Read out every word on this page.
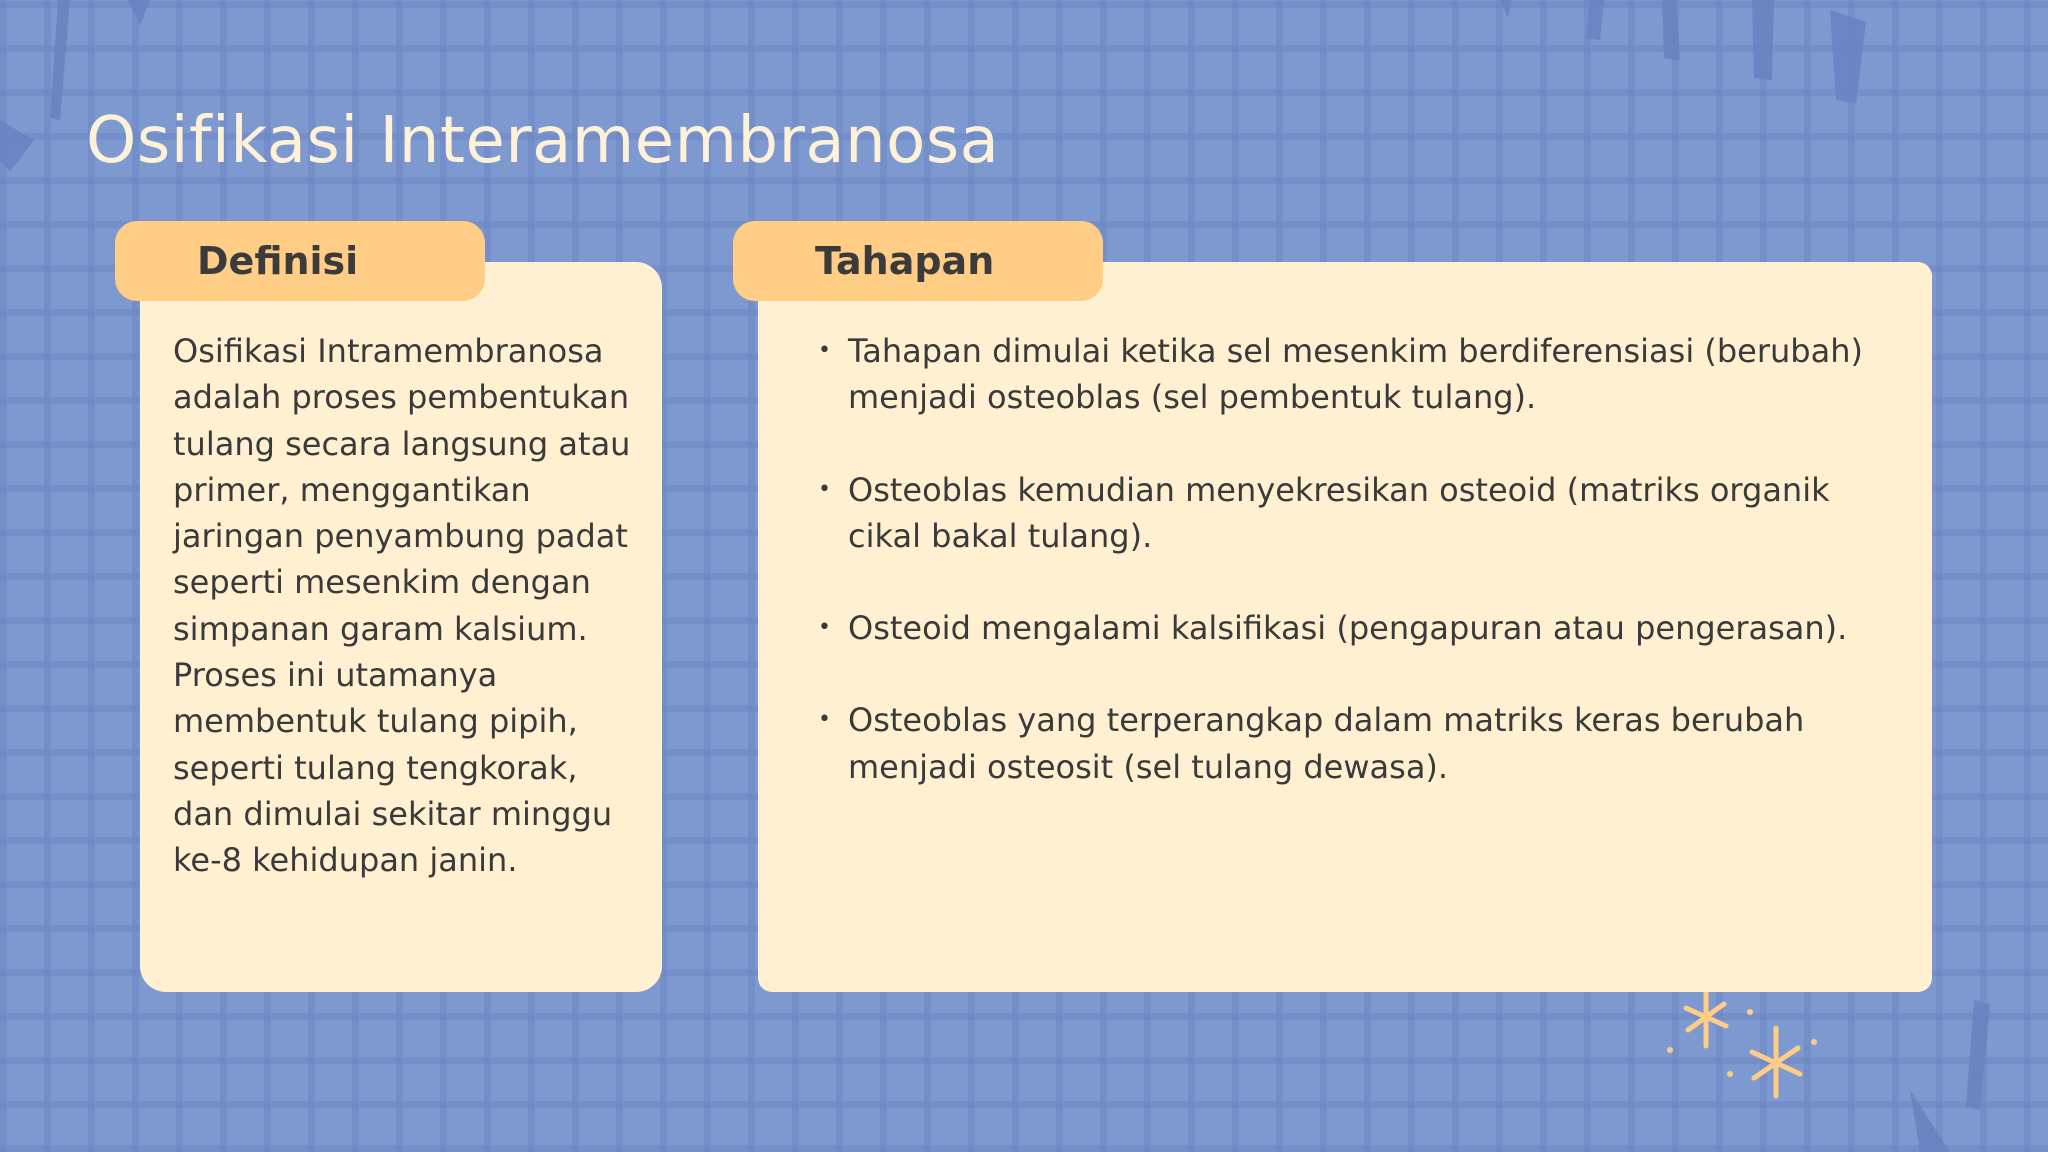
Osifikasi Interamembranosa
Definisi

Osifikasi Intramembranosa adalah proses pembentukan tulang secara langsung atau primer, menggantikan jaringan penyambung padat seperti mesenkim dengan simpanan garam kalsium. Proses ini utamanya membentuk tulang pipih, seperti tulang tengkorak, dan dimulai sekitar minggu ke-8 kehidupan janin.

Tahapan
• Tahapan dimulai ketika sel mesenkim berdiferensiasi (berubah) menjadi osteoblas (sel pembentuk tulang).
• Osteoblas kemudian menyekresikan osteoid (matriks organik cikal bakal tulang).
• Osteoid mengalami kalsifikasi (pengapuran atau pengerasan).
• Osteoblas yang terperangkap dalam matriks keras berubah menjadi osteosit (sel tulang dewasa).
